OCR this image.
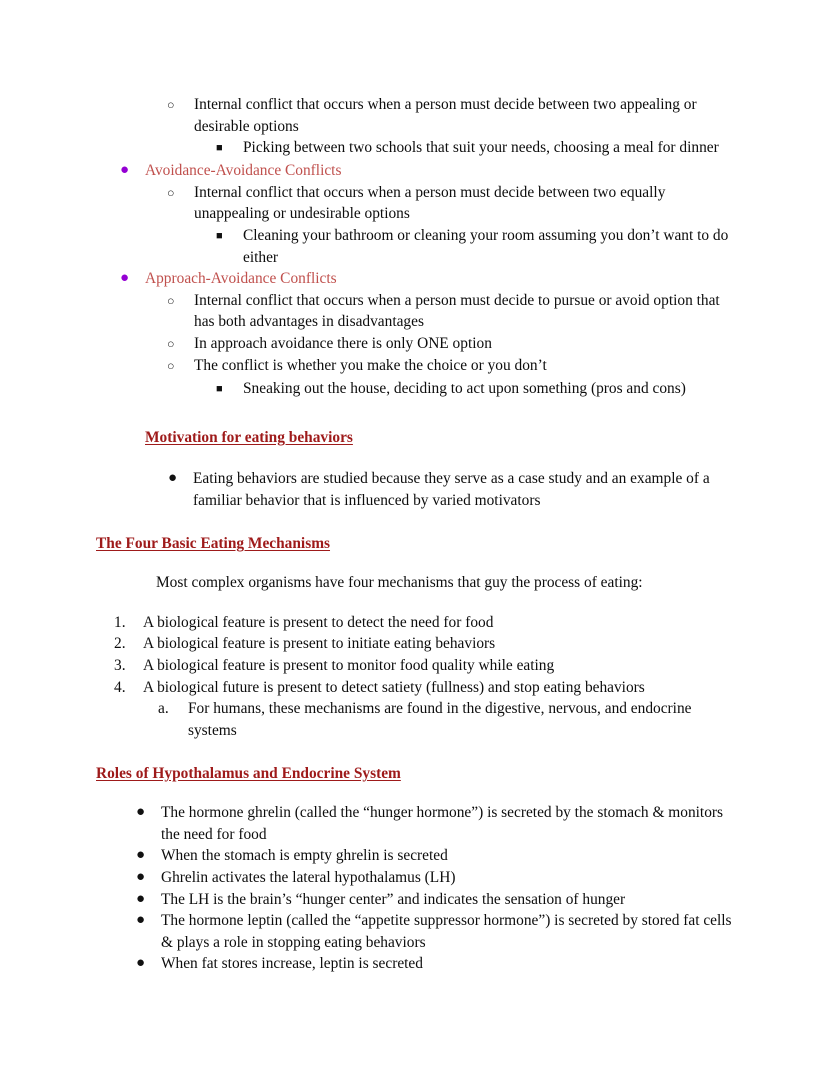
○	Internal conflict that occurs when a person must decide between two appealing or desirable options
■	Picking between two schools that suit your needs, choosing a meal for dinner
●	Avoidance-Avoidance Conflicts
○	Internal conflict that occurs when a person must decide between two equally unappealing or undesirable options
■	Cleaning your bathroom or cleaning your room assuming you don’t want to do either
●	Approach-Avoidance Conflicts
○	Internal conflict that occurs when a person must decide to pursue or avoid option that has both advantages in disadvantages
○	In approach avoidance there is only ONE option
○	The conflict is whether you make the choice or you don’t
■	Sneaking out the house, deciding to act upon something (pros and cons)
Motivation for eating behaviors
●	Eating behaviors are studied because they serve as a case study and an example of a familiar behavior that is influenced by varied motivators
The Four Basic Eating Mechanisms
Most complex organisms have four mechanisms that guy the process of eating:
1.	A biological feature is present to detect the need for food
2.	A biological feature is present to initiate eating behaviors
3.	A biological feature is present to monitor food quality while eating
4.	A biological future is present to detect satiety (fullness) and stop eating behaviors
a.	For humans, these mechanisms are found in the digestive, nervous, and endocrine systems
Roles of Hypothalamus and Endocrine System
●	The hormone ghrelin (called the “hunger hormone”) is secreted by the stomach & monitors the need for food
●	When the stomach is empty ghrelin is secreted
●	Ghrelin activates the lateral hypothalamus (LH)
●	The LH is the brain’s “hunger center” and indicates the sensation of hunger
●	The hormone leptin (called the “appetite suppressor hormone”) is secreted by stored fat cells & plays a role in stopping eating behaviors
●	When fat stores increase, leptin is secreted
